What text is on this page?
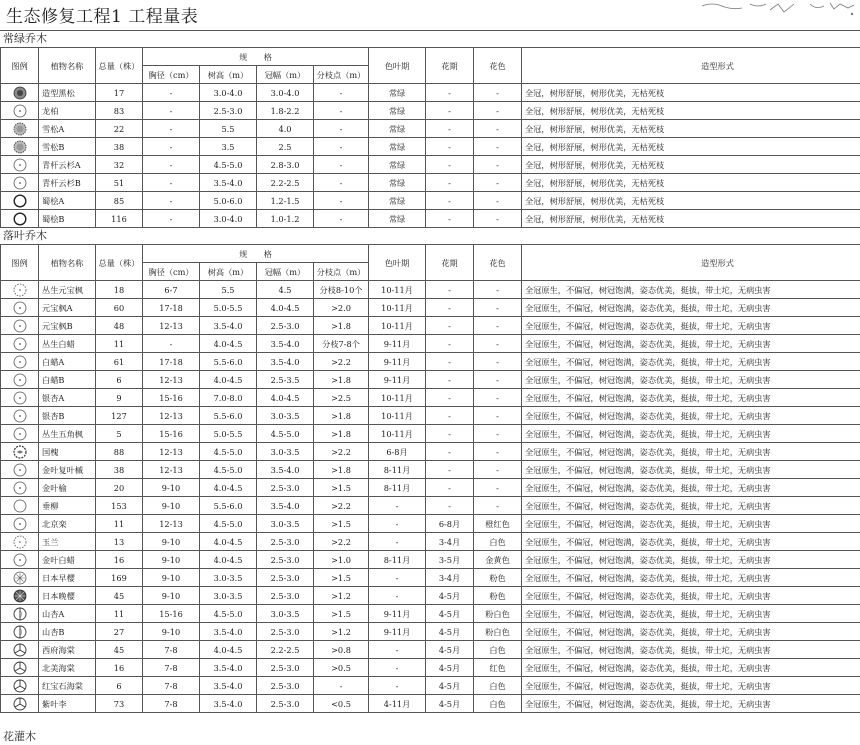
生态修复工程1 工程量表
常绿乔木
图例	植物名称	总量（株）	规　　格				色叶期	花期	花色	造型形式
			胸径（cm）	树高（m）	冠幅（m）	分枝点（m）				

	造型黑松	17	-	3.0-4.0	3.0-4.0	-	常绿	-	-	全冠，树形舒展，树形优美，无枯死枝

	龙柏	83	-	2.5-3.0	1.8-2.2	-	常绿	-	-	全冠，树形舒展，树形优美，无枯死枝

	雪松A	22	-	5.5	4.0	-	常绿	-	-	全冠，树形舒展，树形优美，无枯死枝

	雪松B	38	-	3.5	2.5	-	常绿	-	-	全冠，树形舒展，树形优美，无枯死枝

	青杆云杉A	32	-	4.5-5.0	2.8-3.0	-	常绿	-	-	全冠，树形舒展，树形优美，无枯死枝

	青杆云杉B	51	-	3.5-4.0	2.2-2.5	-	常绿	-	-	全冠，树形舒展，树形优美，无枯死枝

	蜀桧A	85	-	5.0-6.0	1.2-1.5	-	常绿	-	-	全冠，树形舒展，树形优美，无枯死枝

	蜀桧B	116	-	3.0-4.0	1.0-1.2	-	常绿	-	-	全冠，树形舒展，树形优美，无枯死枝
落叶乔木
图例	植物名称	总量（株）	规　　格				色叶期	花期	花色	造型形式
			胸径（cm）	树高（m）	冠幅（m）	分枝点（m）				

	丛生元宝枫	18	6-7	5.5	4.5	分枝8-10个	10-11月	-	-	全冠原生，不偏冠，树冠饱满，姿态优美，挺拔，带土坨，无病虫害

	元宝枫A	60	17-18	5.0-5.5	4.0-4.5	>2.0	10-11月	-	-	全冠原生，不偏冠，树冠饱满，姿态优美，挺拔，带土坨，无病虫害

	元宝枫B	48	12-13	3.5-4.0	2.5-3.0	>1.8	10-11月	-	-	全冠原生，不偏冠，树冠饱满，姿态优美，挺拔，带土坨，无病虫害

	丛生白蜡	11	-	4.0-4.5	3.5-4.0	分枝7-8个	9-11月	-	-	全冠原生，不偏冠，树冠饱满，姿态优美，挺拔，带土坨，无病虫害

	白蜡A	61	17-18	5.5-6.0	3.5-4.0	>2.2	9-11月	-	-	全冠原生，不偏冠，树冠饱满，姿态优美，挺拔，带土坨，无病虫害

	白蜡B	6	12-13	4.0-4.5	2.5-3.5	>1.8	9-11月	-	-	全冠原生，不偏冠，树冠饱满，姿态优美，挺拔，带土坨，无病虫害

	银杏A	9	15-16	7.0-8.0	4.0-4.5	>2.5	10-11月	-	-	全冠原生，不偏冠，树冠饱满，姿态优美，挺拔，带土坨，无病虫害

	银杏B	127	12-13	5.5-6.0	3.0-3.5	>1.8	10-11月	-	-	全冠原生，不偏冠，树冠饱满，姿态优美，挺拔，带土坨，无病虫害

	丛生五角枫	5	15-16	5.0-5.5	4.5-5.0	>1.8	10-11月	-	-	全冠原生，不偏冠，树冠饱满，姿态优美，挺拔，带土坨，无病虫害

	国槐	88	12-13	4.5-5.0	3.0-3.5	>2.2	6-8月	-	-	全冠原生，不偏冠，树冠饱满，姿态优美，挺拔，带土坨，无病虫害

	金叶复叶槭	38	12-13	4.5-5.0	3.5-4.0	>1.8	8-11月	-	-	全冠原生，不偏冠，树冠饱满，姿态优美，挺拔，带土坨，无病虫害

	金叶榆	20	9-10	4.0-4.5	2.5-3.0	>1.5	8-11月	-	-	全冠原生，不偏冠，树冠饱满，姿态优美，挺拔，带土坨，无病虫害

	垂柳	153	9-10	5.5-6.0	3.5-4.0	>2.2	-	-	-	全冠原生，不偏冠，树冠饱满，姿态优美，挺拔，带土坨，无病虫害

	北京栾	11	12-13	4.5-5.0	3.0-3.5	>1.5	-	6-8月	橙红色	全冠原生，不偏冠，树冠饱满，姿态优美，挺拔，带土坨，无病虫害

	玉兰	13	9-10	4.0-4.5	2.5-3.0	>2.2	-	3-4月	白色	全冠原生，不偏冠，树冠饱满，姿态优美，挺拔，带土坨，无病虫害

	金叶白蜡	16	9-10	4.0-4.5	2.5-3.0	>1.0	8-11月	3-5月	金黄色	全冠原生，不偏冠，树冠饱满，姿态优美，挺拔，带土坨，无病虫害

	日本早樱	169	9-10	3.0-3.5	2.5-3.0	>1.5	-	3-4月	粉色	全冠原生，不偏冠，树冠饱满，姿态优美，挺拔，带土坨，无病虫害

	日本晚樱	45	9-10	3.0-3.5	2.5-3.0	>1.2	-	4-5月	粉色	全冠原生，不偏冠，树冠饱满，姿态优美，挺拔，带土坨，无病虫害

	山杏A	11	15-16	4.5-5.0	3.0-3.5	>1.5	9-11月	4-5月	粉白色	全冠原生，不偏冠，树冠饱满，姿态优美，挺拔，带土坨，无病虫害

	山杏B	27	9-10	3.5-4.0	2.5-3.0	>1.2	9-11月	4-5月	粉白色	全冠原生，不偏冠，树冠饱满，姿态优美，挺拔，带土坨，无病虫害

	西府海棠	45	7-8	4.0-4.5	2.2-2.5	>0.8	-	4-5月	白色	全冠原生，不偏冠，树冠饱满，姿态优美，挺拔，带土坨，无病虫害

	北美海棠	16	7-8	3.5-4.0	2.5-3.0	>0.5	-	4-5月	红色	全冠原生，不偏冠，树冠饱满，姿态优美，挺拔，带土坨，无病虫害

	红宝石海棠	6	7-8	3.5-4.0	2.5-3.0	-	-	4-5月	白色	全冠原生，不偏冠，树冠饱满，姿态优美，挺拔，带土坨，无病虫害

	紫叶李	73	7-8	3.5-4.0	2.5-3.0	<0.5	4-11月	4-5月	白色	全冠原生，不偏冠，树冠饱满，姿态优美，挺拔，带土坨，无病虫害
花灌木
